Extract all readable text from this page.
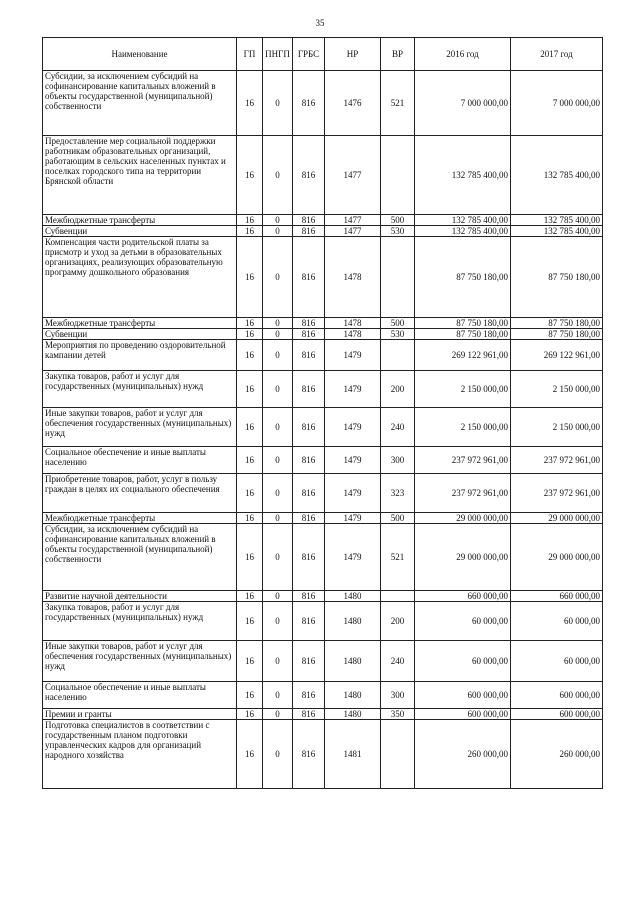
35
Наименование	ГП	ПНГП	ГРБС	НР	ВР	2016 год	2017 год
Субсидии, за исключением субсидий на софинансирование капитальных вложений в объекты государственной (муниципальной) собственности	16	0	816	1476	521	7 000 000,00	7 000 000,00
Предоставление мер социальной поддержки работникам образовательных организаций, работающим в сельских населенных пунктах и поселках городского типа на территории Брянской области	16	0	816	1477		132 785 400,00	132 785 400,00
Межбюджетные трансферты	16	0	816	1477	500	132 785 400,00	132 785 400,00
Субвенции	16	0	816	1477	530	132 785 400,00	132 785 400,00
Компенсация части родительской платы за присмотр и уход за детьми в образовательных организациях, реализующих образовательную программу дошкольного образования	16	0	816	1478		87 750 180,00	87 750 180,00
Межбюджетные трансферты	16	0	816	1478	500	87 750 180,00	87 750 180,00
Субвенции	16	0	816	1478	530	87 750 180,00	87 750 180,00
Мероприятия по проведению оздоровительной кампании детей	16	0	816	1479		269 122 961,00	269 122 961,00
Закупка товаров, работ и услуг для государственных (муниципальных) нужд	16	0	816	1479	200	2 150 000,00	2 150 000,00
Иные закупки товаров, работ и услуг для обеспечения государственных (муниципальных) нужд	16	0	816	1479	240	2 150 000,00	2 150 000,00
Социальное обеспечение и иные выплаты населению	16	0	816	1479	300	237 972 961,00	237 972 961,00
Приобретение товаров, работ, услуг в пользу граждан в целях их социального обеспечения	16	0	816	1479	323	237 972 961,00	237 972 961,00
Межбюджетные трансферты	16	0	816	1479	500	29 000 000,00	29 000 000,00
Субсидии, за исключением субсидий на софинансирование капитальных вложений в объекты государственной (муниципальной) собственности	16	0	816	1479	521	29 000 000,00	29 000 000,00
Развитие научной деятельности	16	0	816	1480		660 000,00	660 000,00
Закупка товаров, работ и услуг для государственных (муниципальных) нужд	16	0	816	1480	200	60 000,00	60 000,00
Иные закупки товаров, работ и услуг для обеспечения государственных (муниципальных) нужд	16	0	816	1480	240	60 000,00	60 000,00
Социальное обеспечение и иные выплаты населению	16	0	816	1480	300	600 000,00	600 000,00
Премии и гранты	16	0	816	1480	350	600 000,00	600 000,00
Подготовка специалистов в соответствии с государственным планом подготовки управленческих кадров для организаций народного хозяйства	16	0	816	1481		260 000,00	260 000,00
